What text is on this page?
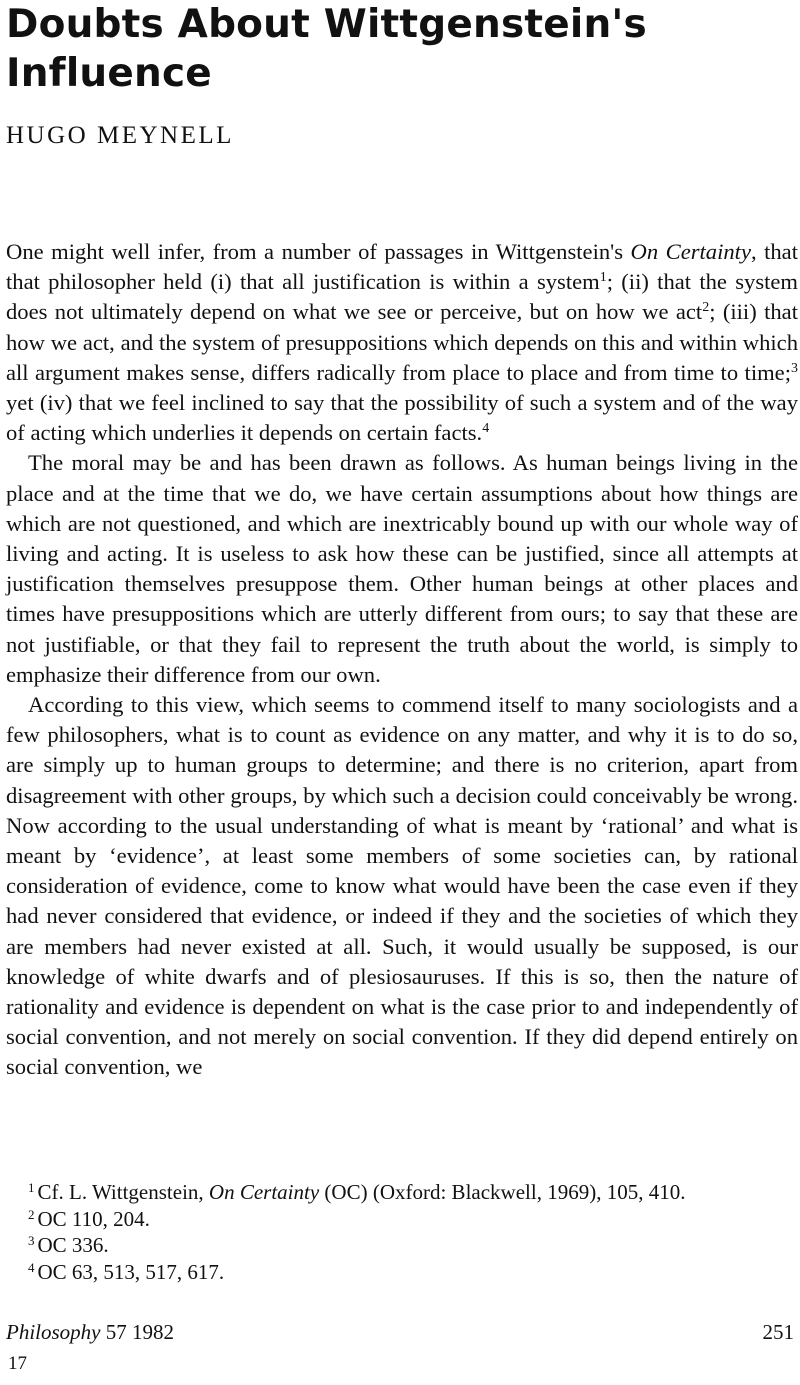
Doubts About Wittgenstein's
Influence
HUGO MEYNELL

One might well infer, from a number of passages in Wittgenstein's On Certainty, that that philosopher held (i) that all justification is within a system$^1$; (ii) that the system does not ultimately depend on what we see or perceive, but on how we act$^2$; (iii) that how we act, and the system of presuppositions which depends on this and within which all argument makes sense, differs radically from place to place and from time to time;$^3$ yet (iv) that we feel inclined to say that the possibility of such a system and of the way of acting which underlies it depends on certain facts.$^4$

The moral may be and has been drawn as follows. As human beings living in the place and at the time that we do, we have certain assumptions about how things are which are not questioned, and which are inextricably bound up with our whole way of living and acting. It is useless to ask how these can be justified, since all attempts at justification themselves presuppose them. Other human beings at other places and times have presuppositions which are utterly different from ours; to say that these are not justifiable, or that they fail to represent the truth about the world, is simply to emphasize their difference from our own.

According to this view, which seems to commend itself to many sociologists and a few philosophers, what is to count as evidence on any matter, and why it is to do so, are simply up to human groups to determine; and there is no criterion, apart from disagreement with other groups, by which such a decision could conceivably be wrong. Now according to the usual understanding of what is meant by ‘rational’ and what is meant by ‘evidence’, at least some members of some societies can, by rational consideration of evidence, come to know what would have been the case even if they had never considered that evidence, or indeed if they and the societies of which they are members had never existed at all. Such, it would usually be supposed, is our knowledge of white dwarfs and of plesiosauruses. If this is so, then the nature of rationality and evidence is dependent on what is the case prior to and independently of social convention, and not merely on social convention. If they did depend entirely on social convention, we

$^1$ Cf. L. Wittgenstein, On Certainty (OC) (Oxford: Blackwell, 1969), 105, 410.

$^2$ OC 110, 204.

$^3$ OC 336.

$^4$ OC 63, 513, 517, 617.

Philosophy 57 1982	251
17
